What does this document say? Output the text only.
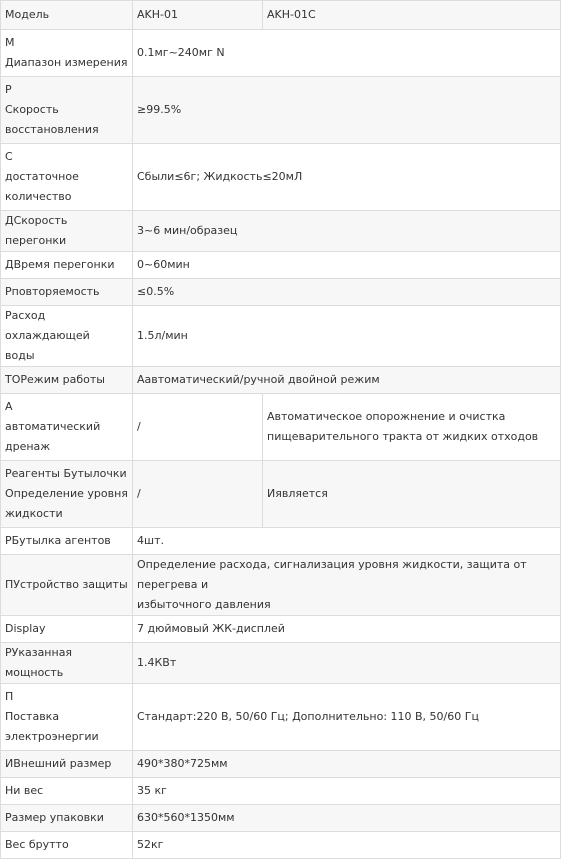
Модель	AKH-01	AKH-01C

М
Диапазон измерения	0.1мг~240мг N	

Р
Скорость
восстановления	≥99.5%	

С
достаточное
количество	Сбыли≤6г; Жидкость≤20мЛ	
ДСкорость перегонки	3~6 мин/образец	
ДВремя перегонки	0~60мин	
Рповторяемость	≤0.5%	

Расход охлаждающей
воды	1.5л/мин	
ТОРежим работы	Аавтоматический/ручной двойной режим	

А
автоматический
дренаж	/	Автоматическое опорожнение и очистка
пищеварительного тракта от жидких отходов

Реагенты Бутылочки
Определение уровня
жидкости	/	Иявляется
РБутылка агентов	4шт.	
ПУстройство защиты	Определение расхода, сигнализация уровня жидкости, защита от перегрева и
избыточного давления	

Display	7 дюймовый ЖК-дисплей	
РУказанная мощность	1.4КВт	

П
Поставка
электроэнергии	Стандарт:220 В, 50/60 Гц; Дополнительно: 110 В, 50/60 Гц	
ИВнешний размер	490*380*725мм	
Ни вес	35 кг	
Размер упаковки	630*560*1350мм	
Вес брутто	52кг	
